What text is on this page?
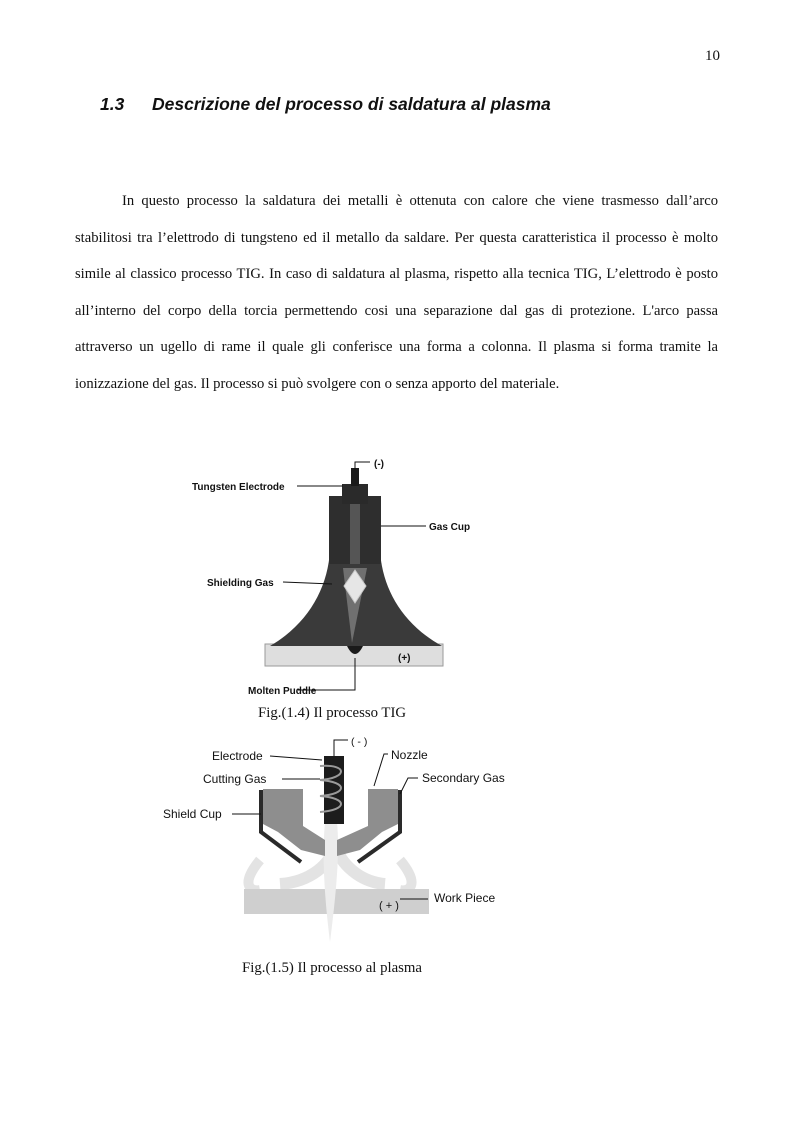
10
1.3 Descrizione del processo di saldatura al plasma

In questo processo la saldatura dei metalli è ottenuta con calore che viene trasmesso dall’arco stabilitosi tra l’elettrodo di tungsteno ed il metallo da saldare. Per questa caratteristica il processo è molto simile al classico processo TIG. In caso di saldatura al plasma, rispetto alla tecnica TIG, L’elettrodo è posto all’interno del corpo della torcia permettendo cosi una separazione dal gas di protezione. L'arco passa attraverso un ugello di rame il quale gli conferisce una forma a colonna. Il plasma si forma tramite la ionizzazione del gas. Il processo si può svolgere con o senza apporto del materiale.

(-)
Tungsten Electrode
Gas Cup
Shielding Gas
(+)
Molten Puddle
Fig.(1.4) Il processo TIG
( - )
Electrode	Nozzle
Cutting Gas	Secondary Gas
Shield Cup
( + )
Work Piece
Fig.(1.5) Il processo al plasma
